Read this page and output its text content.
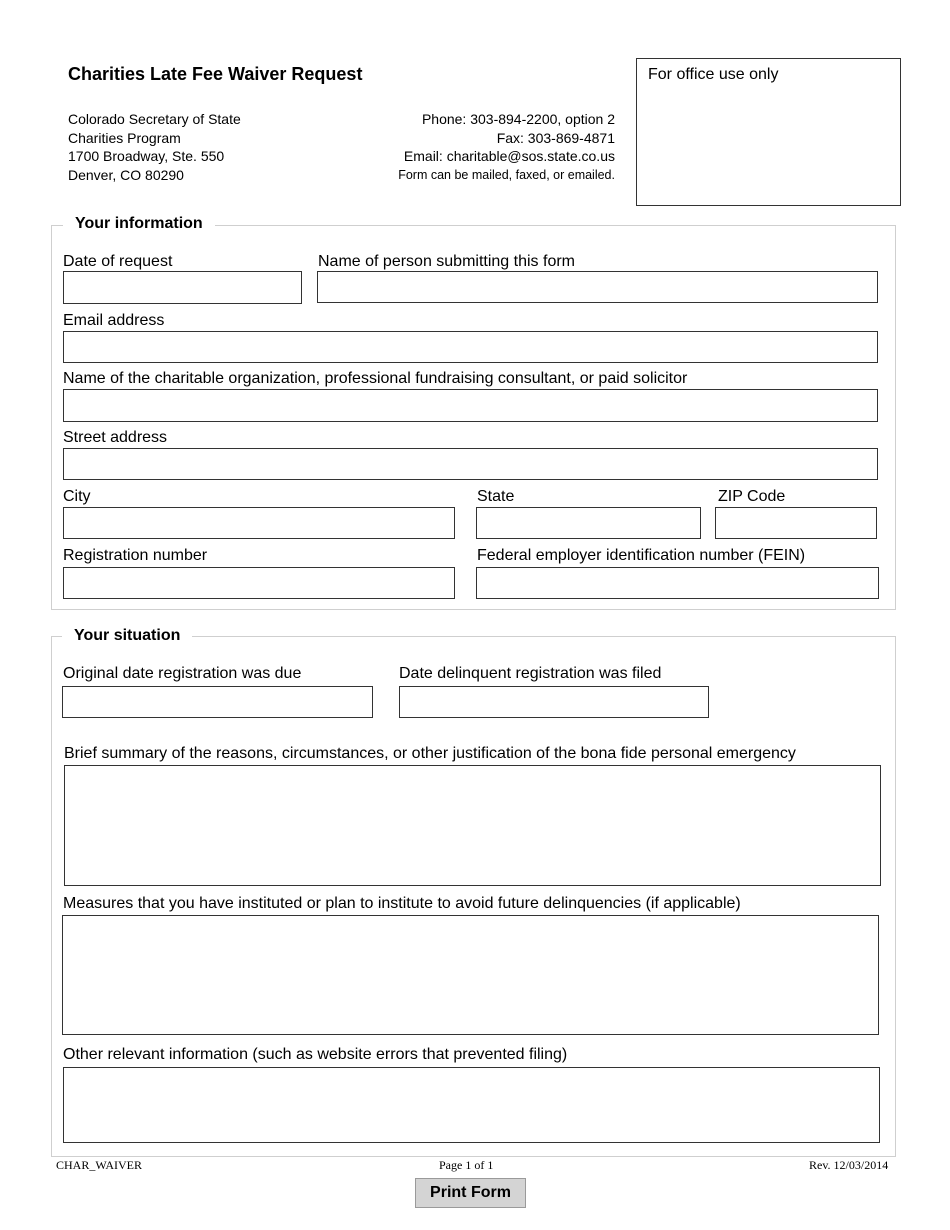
Charities Late Fee Waiver Request
Colorado Secretary of State
Charities Program
1700 Broadway, Ste. 550
Denver, CO 80290
Phone: 303-894-2200, option 2
Fax: 303-869-4871
Email: charitable@sos.state.co.us
Form can be mailed, faxed, or emailed.
For office use only
Your information
Date of request	Name of person submitting this form
Email address
Name of the charitable organization, professional fundraising consultant, or paid solicitor
Street address
City	State	ZIP Code
Registration number	Federal employer identification number (FEIN)
Your situation
Original date registration was due	Date delinquent registration was filed
Brief summary of the reasons, circumstances, or other justification of the bona fide personal emergency
Measures that you have instituted or plan to institute to avoid future delinquencies (if applicable)
Other relevant information (such as website errors that prevented filing)
CHAR_WAIVER	Page 1 of 1	Rev. 12/03/2014
Print Form
